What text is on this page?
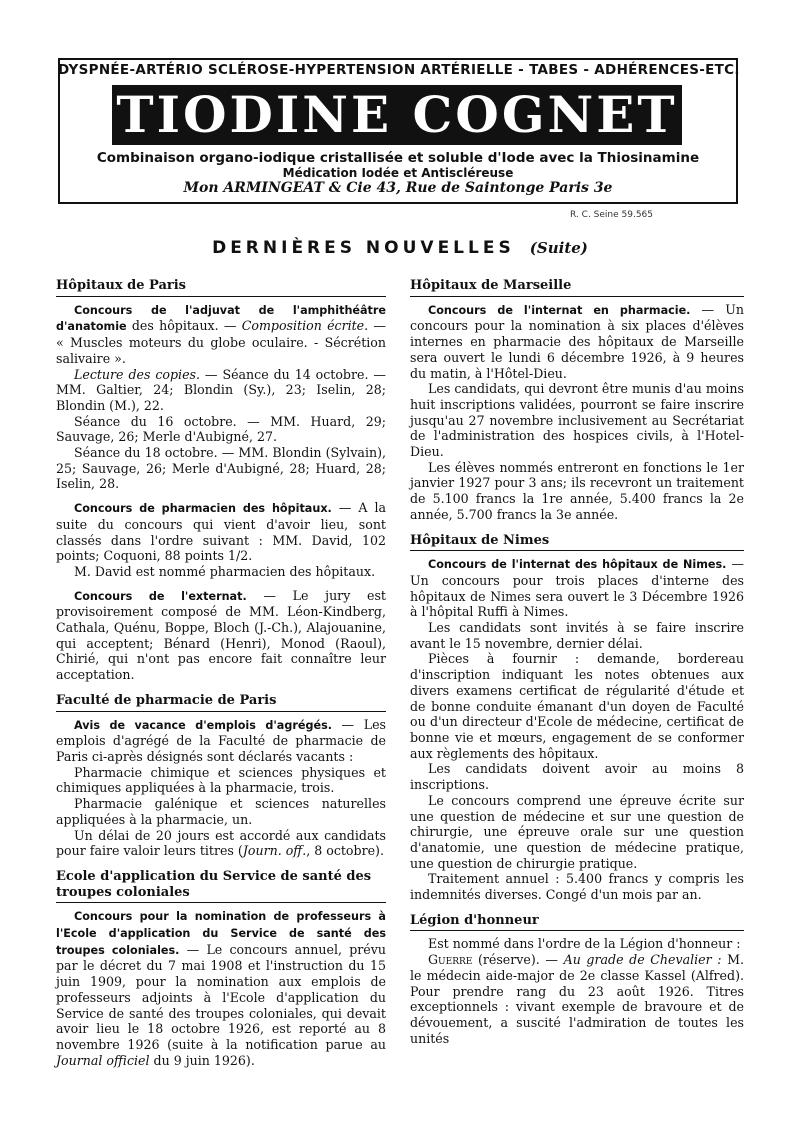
DYSPNÉE-ARTÉRIO SCLÉROSE-HYPERTENSION ARTÉRIELLE - TABES - ADHÉRENCES-ETC.
TIODINE COGNET
Combinaison organo-iodique cristallisée et soluble d'Iode avec la Thiosinamine
Médication Iodée et Antiscléreuse
Mon ARMINGEAT & Cie 43, Rue de Saintonge Paris 3e
R. C. Seine 59.565
DERNIÈRES NOUVELLES (Suite)
Hôpitaux de Paris

Concours de l'adjuvat de l'amphithéâtre d'anatomie des hôpitaux. — Composition écrite. — « Muscles moteurs du globe oculaire. - Sécrétion salivaire ».

Lecture des copies. — Séance du 14 octobre. — MM. Galtier, 24; Blondin (Sy.), 23; Iselin, 28; Blondin (M.), 22.

Séance du 16 octobre. — MM. Huard, 29; Sauvage, 26; Merle d'Aubigné, 27.

Séance du 18 octobre. — MM. Blondin (Sylvain), 25; Sauvage, 26; Merle d'Aubigné, 28; Huard, 28; Iselin, 28.

Concours de pharmacien des hôpitaux. — A la suite du concours qui vient d'avoir lieu, sont classés dans l'ordre suivant : MM. David, 102 points; Coquoni, 88 points 1/2.

M. David est nommé pharmacien des hôpitaux.

Concours de l'externat. — Le jury est provisoirement composé de MM. Léon-Kindberg, Cathala, Quénu, Boppe, Bloch (J.-Ch.), Alajouanine, qui acceptent; Bénard (Henri), Monod (Raoul), Chirié, qui n'ont pas encore fait connaître leur acceptation.

Faculté de pharmacie de Paris

Avis de vacance d'emplois d'agrégés. — Les emplois d'agrégé de la Faculté de pharmacie de Paris ci-après désignés sont déclarés vacants :

Pharmacie chimique et sciences physiques et chimiques appliquées à la pharmacie, trois.

Pharmacie galénique et sciences naturelles appliquées à la pharmacie, un.

Un délai de 20 jours est accordé aux candidats pour faire valoir leurs titres (Journ. off., 8 octobre).

Ecole d'application du Service de santé des troupes coloniales

Concours pour la nomination de professeurs à l'Ecole d'application du Service de santé des troupes coloniales. — Le concours annuel, prévu par le décret du 7 mai 1908 et l'instruction du 15 juin 1909, pour la nomination aux emplois de professeurs adjoints à l'Ecole d'application du Service de santé des troupes coloniales, qui devait avoir lieu le 18 octobre 1926, est reporté au 8 novembre 1926 (suite à la notification parue au Journal officiel du 9 juin 1926).

Hôpitaux de Marseille

Concours de l'internat en pharmacie. — Un concours pour la nomination à six places d'élèves internes en pharmacie des hôpitaux de Marseille sera ouvert le lundi 6 décembre 1926, à 9 heures du matin, à l'Hôtel-Dieu.

Les candidats, qui devront être munis d'au moins huit inscriptions validées, pourront se faire inscrire jusqu'au 27 novembre inclusivement au Secrétariat de l'administration des hospices civils, à l'Hotel-Dieu.

Les élèves nommés entreront en fonctions le 1er janvier 1927 pour 3 ans; ils recevront un traitement de 5.100 francs la 1re année, 5.400 francs la 2e année, 5.700 francs la 3e année.

Hôpitaux de Nimes

Concours de l'internat des hôpitaux de Nimes. — Un concours pour trois places d'interne des hôpitaux de Nimes sera ouvert le 3 Décembre 1926 à l'hôpital Ruffi à Nimes.

Les candidats sont invités à se faire inscrire avant le 15 novembre, dernier délai.

Pièces à fournir : demande, bordereau d'inscription indiquant les notes obtenues aux divers examens certificat de régularité d'étude et de bonne conduite émanant d'un doyen de Faculté ou d'un directeur d'Ecole de médecine, certificat de bonne vie et mœurs, engagement de se conformer aux règlements des hôpitaux.

Les candidats doivent avoir au moins 8 inscriptions.

Le concours comprend une épreuve écrite sur une question de médecine et sur une question de chirurgie, une épreuve orale sur une question d'anatomie, une question de médecine pratique, une question de chirurgie pratique.

Traitement annuel : 5.400 francs y compris les indemnités diverses. Congé d'un mois par an.

Légion d'honneur

Est nommé dans l'ordre de la Légion d'honneur :

Guerre (réserve). — Au grade de Chevalier : M. le médecin aide-major de 2e classe Kassel (Alfred). Pour prendre rang du 23 août 1926. Titres exceptionnels : vivant exemple de bravoure et de dévouement, a suscité l'admiration de toutes les unités
